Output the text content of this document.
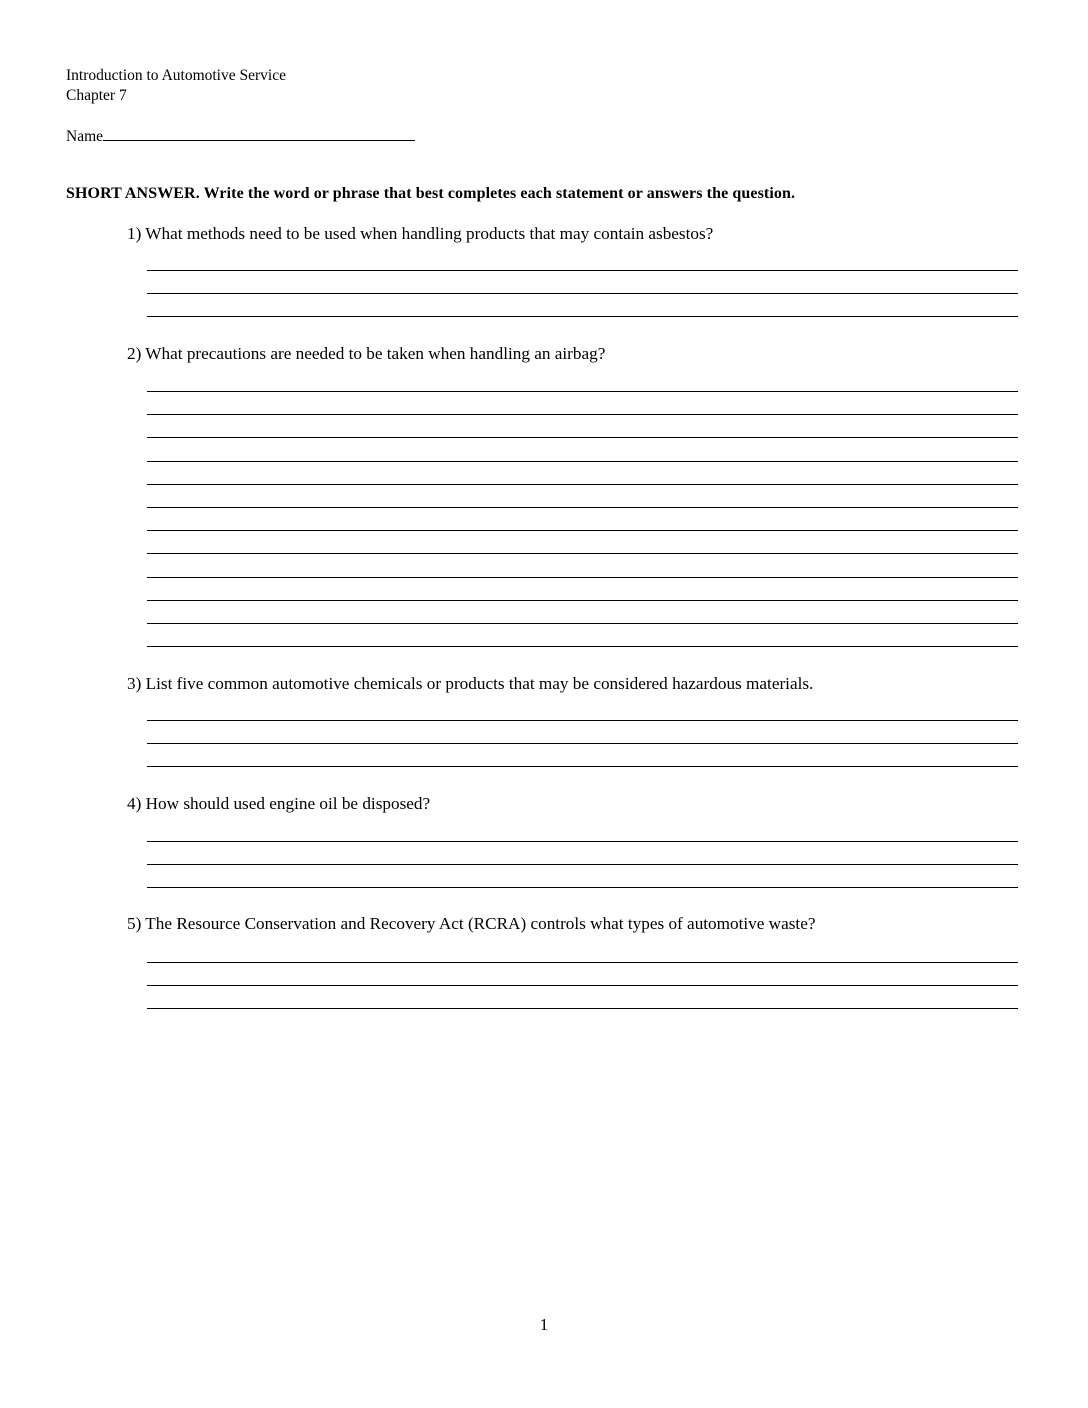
Introduction to Automotive Service
Chapter 7
Name
SHORT ANSWER. Write the word or phrase that best completes each statement or answers the question.
1) What methods need to be used when handling products that may contain asbestos?
2) What precautions are needed to be taken when handling an airbag?
3) List five common automotive chemicals or products that may be considered hazardous materials.
4) How should used engine oil be disposed?
5) The Resource Conservation and Recovery Act (RCRA) controls what types of automotive waste?
1
